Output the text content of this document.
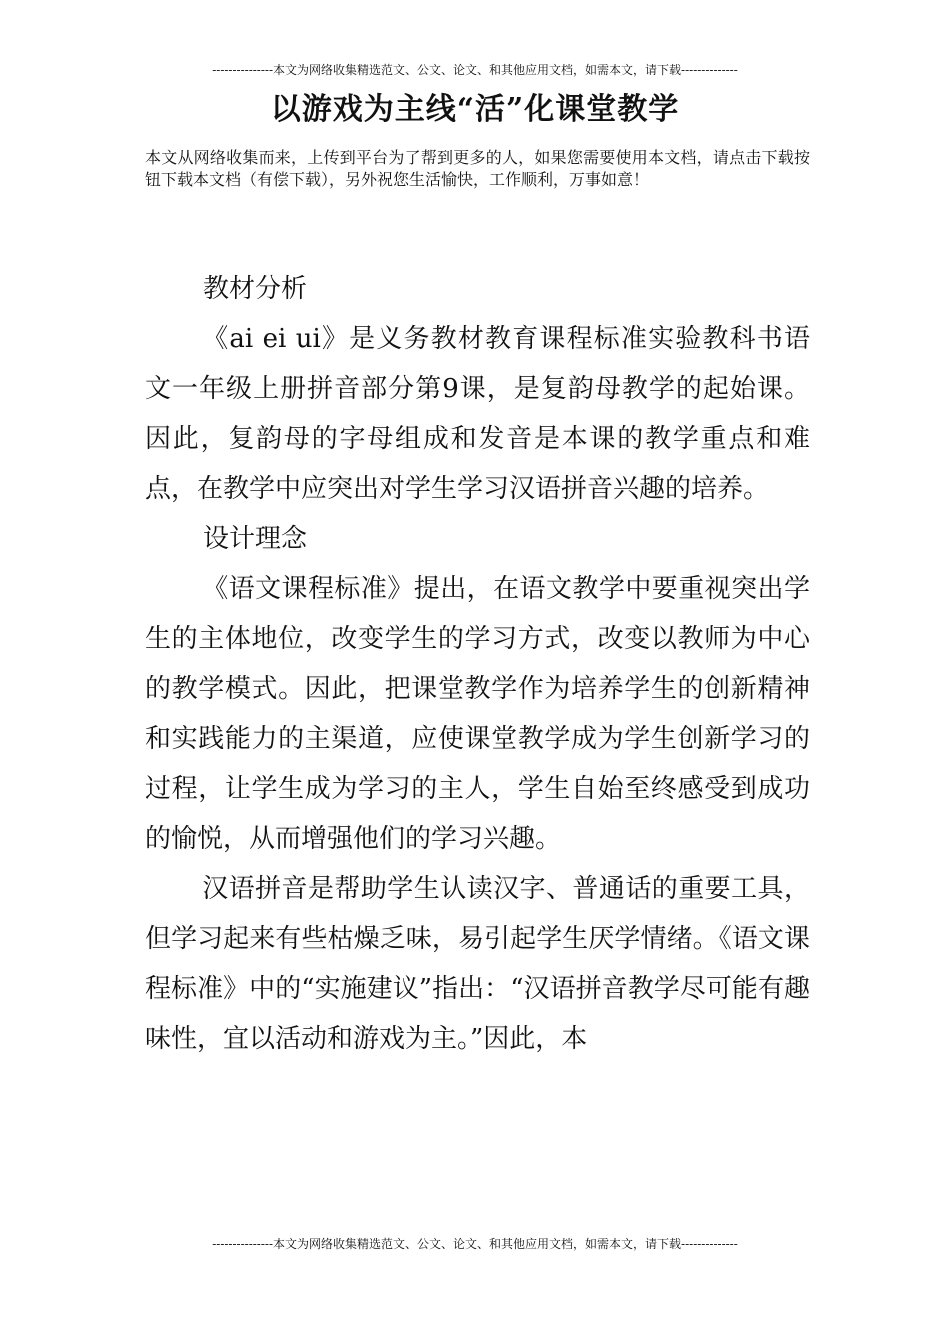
---------------本文为网络收集精选范文、公文、论文、和其他应用文档，如需本文，请下载--------------
以游戏为主线“活”化课堂教学
本文从网络收集而来，上传到平台为了帮到更多的人，如果您需要使用本文档，请点击下载按钮下载本文档（有偿下载），另外祝您生活愉快，工作顺利，万事如意！

教材分析

《ai ei ui》是义务教材教育课程标准实验教科书语文一年级上册拼音部分第9课，是复韵母教学的起始课。因此，复韵母的字母组成和发音是本课的教学重点和难点，在教学中应突出对学生学习汉语拼音兴趣的培养。

设计理念

《语文课程标准》提出，在语文教学中要重视突出学生的主体地位，改变学生的学习方式，改变以教师为中心的教学模式。因此，把课堂教学作为培养学生的创新精神和实践能力的主渠道，应使课堂教学成为学生创新学习的过程，让学生成为学习的主人，学生自始至终感受到成功的愉悦，从而增强他们的学习兴趣。

汉语拼音是帮助学生认读汉字、普通话的重要工具，但学习起来有些枯燥乏味，易引起学生厌学情绪。《语文课程标准》中的“实施建议”指出：“汉语拼音教学尽可能有趣味性，宜以活动和游戏为主。”因此，本

---------------本文为网络收集精选范文、公文、论文、和其他应用文档，如需本文，请下载--------------
